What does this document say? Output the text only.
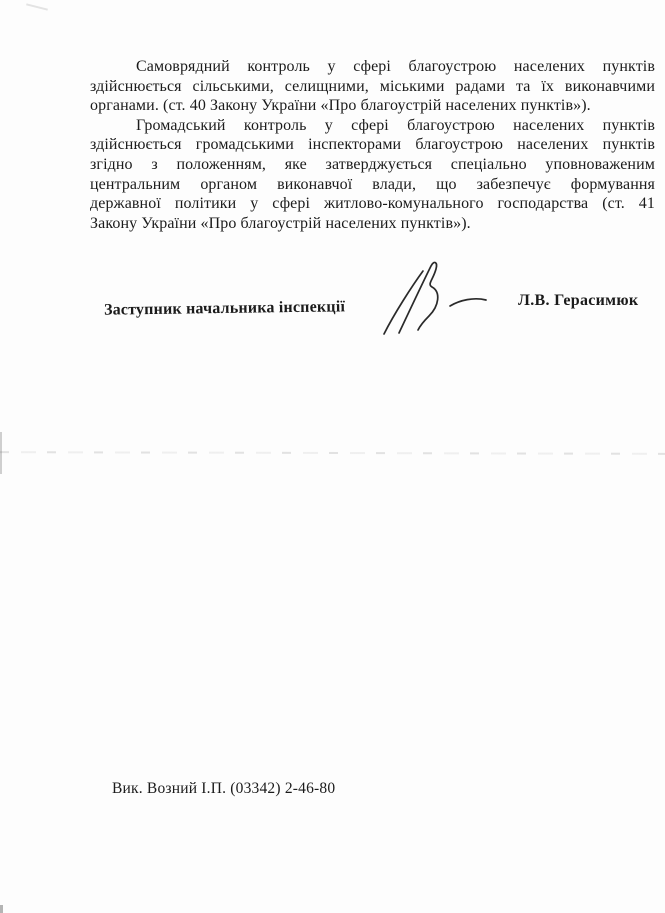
Самоврядний контроль у сфері благоустрою населених пунктів
здійснюється сільськими, селищними, міськими радами та їх виконавчими
органами. (ст. 40 Закону України «Про благоустрій населених пунктів»).
Громадський контроль у сфері благоустрою населених пунктів
здійснюється громадськими інспекторами благоустрою населених пунктів
згідно з положенням, яке затверджується спеціально уповноваженим
центральним органом виконавчої влади, що забезпечує формування
державної політики у сфері житлово-комунального господарства (ст. 41
Закону України «Про благоустрій населених пунктів»).
Заступник начальника інспекції	Л.В. Герасимюк
Вик. Возний І.П. (03342) 2-46-80
